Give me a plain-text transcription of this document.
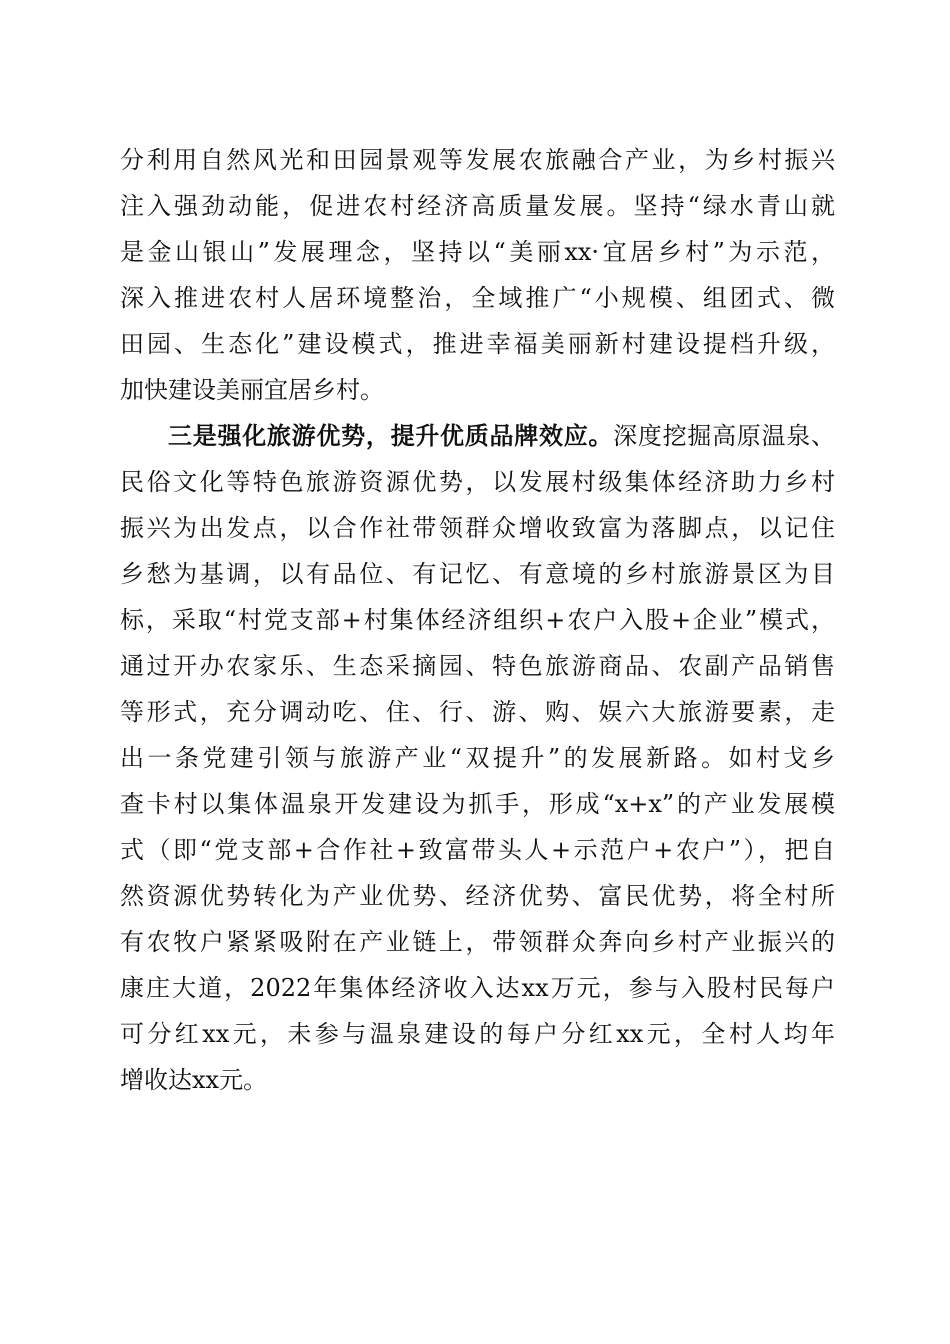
分利用自然风光和田园景观等发展农旅融合产业，为乡村振兴

注入强劲动能，促进农村经济高质量发展。坚持“绿水青山就

是金山银山”发展理念，坚持以“美丽xx·宜居乡村”为示范，

深入推进农村人居环境整治，全域推广“小规模、组团式、微

田园、生态化”建设模式，推进幸福美丽新村建设提档升级，

加快建设美丽宜居乡村。

三是强化旅游优势，提升优质品牌效应。深度挖掘高原温泉、

民俗文化等特色旅游资源优势，以发展村级集体经济助力乡村

振兴为出发点，以合作社带领群众增收致富为落脚点，以记住

乡愁为基调，以有品位、有记忆、有意境的乡村旅游景区为目

标，采取“村党支部+村集体经济组织+农户入股+企业”模式，

通过开办农家乐、生态采摘园、特色旅游商品、农副产品销售

等形式，充分调动吃、住、行、游、购、娱六大旅游要素，走

出一条党建引领与旅游产业“双提升”的发展新路。如村戈乡

查卡村以集体温泉开发建设为抓手，形成“x+x”的产业发展模

式（即“党支部+合作社+致富带头人+示范户+农户”），把自

然资源优势转化为产业优势、经济优势、富民优势，将全村所

有农牧户紧紧吸附在产业链上，带领群众奔向乡村产业振兴的

康庄大道，2022年集体经济收入达xx万元，参与入股村民每户

可分红xx元，未参与温泉建设的每户分红xx元，全村人均年

增收达xx元。
